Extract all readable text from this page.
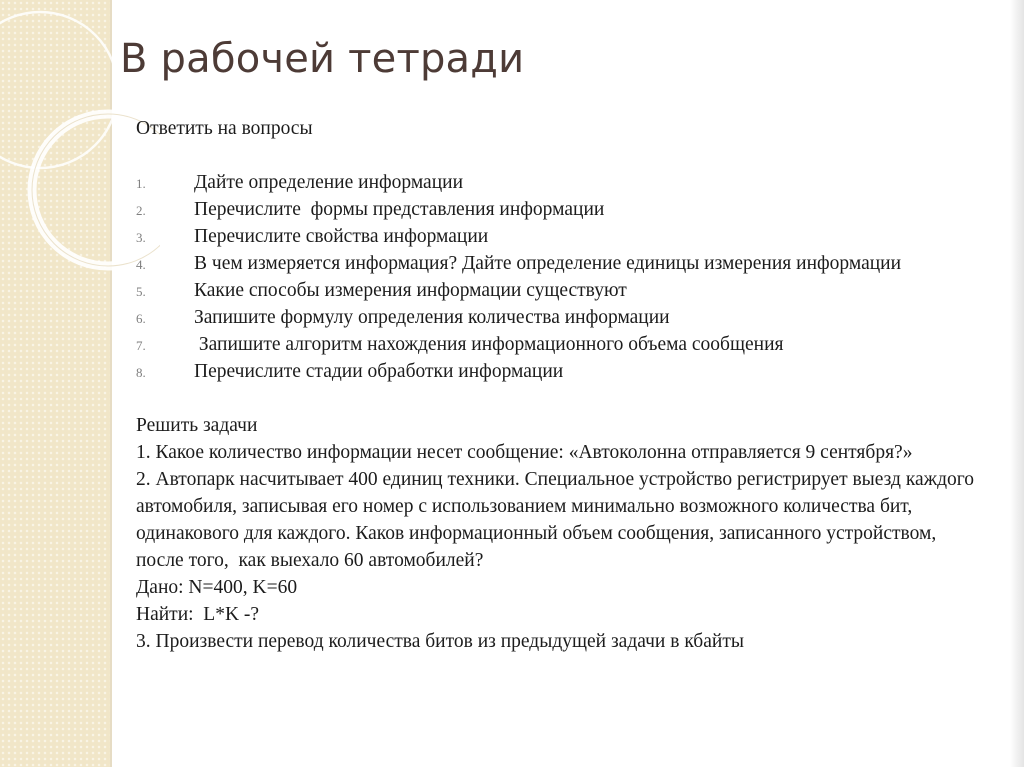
В рабочей тетради

Ответить на вопросы

1. Дайте определение информации
2. Перечислите  формы представления информации
3. Перечислите свойства информации
4. В чем измеряется информация? Дайте определение единицы измерения информации
5. Какие способы измерения информации существуют
6. Запишите формулу определения количества информации
7. Запишите алгоритм нахождения информационного объема сообщения
8. Перечислите стадии обработки информации

Решить задачи

1. Какое количество информации несет сообщение: «Автоколонна отправляется 9 сентября?»

2. Автопарк насчитывает 400 единиц техники. Специальное устройство регистрирует выезд каждого автомобиля, записывая его номер с использованием минимально возможного количества бит, одинакового для каждого. Каков информационный объем сообщения, записанного устройством, после того,  как выехало 60 автомобилей?

Дано: N=400, K=60

Найти:  L*K -?

3. Произвести перевод количества битов из предыдущей задачи в кбайты
